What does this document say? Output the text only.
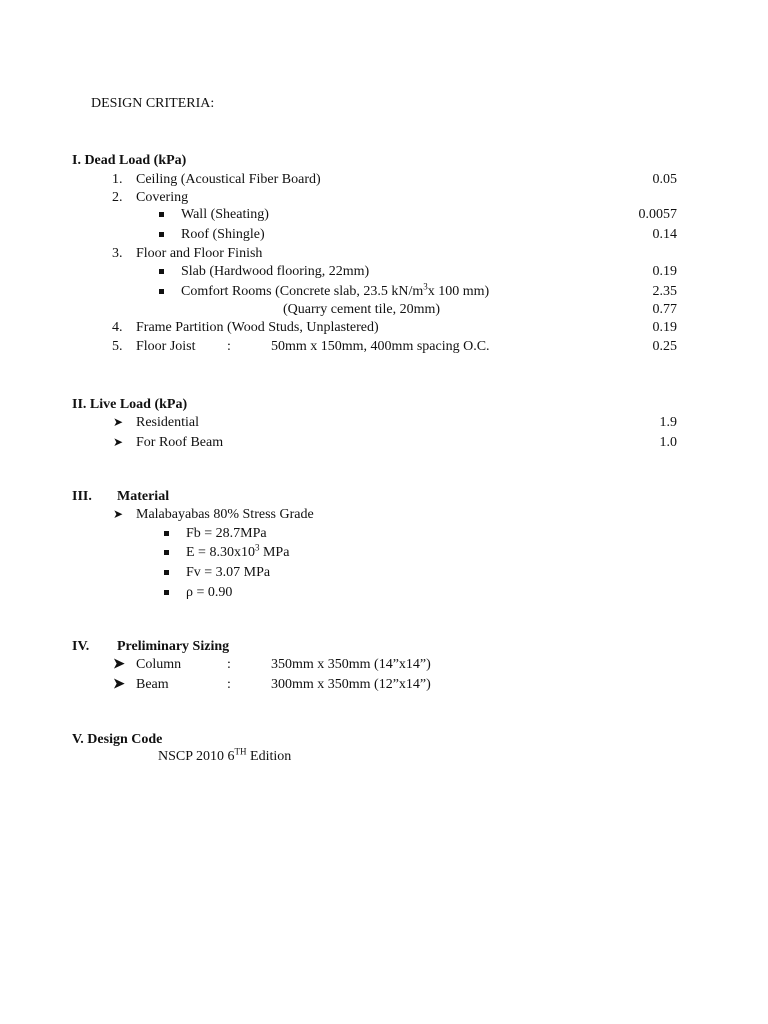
DESIGN CRITERIA:
I. Dead Load (kPa)
1. Ceiling (Acoustical Fiber Board)	0.05
2. Covering
Wall (Sheating)	0.0057
Roof (Shingle)	0.14
3. Floor and Floor Finish
Slab (Hardwood flooring, 22mm)	0.19
Comfort Rooms (Concrete slab, 23.5 $kN/m^3x$ 100 mm)	2.35
(Quarry cement tile, 20mm)	0.77
4. Frame Partition (Wood Studs, Unplastered)	0.19
5. Floor Joist :	50mm x 150mm, 400mm spacing O.C.	0.25
II. Live Load (kPa)
➤ Residential	1.9
➤ For Roof Beam	1.0
III. Material
➤ Malabayabas 80% Stress Grade
Fb = 28.7MPa
$E = 8.30x10^3$ MPa
Fv = 3.07 MPa
ρ = 0.90
IV. Preliminary Sizing
➤ Column	:	350mm x 350mm (14”x14”)
➤ Beam	:	300mm x 350mm (12”x14”)
V. Design Code
NSCP 2010 6TH Edition
